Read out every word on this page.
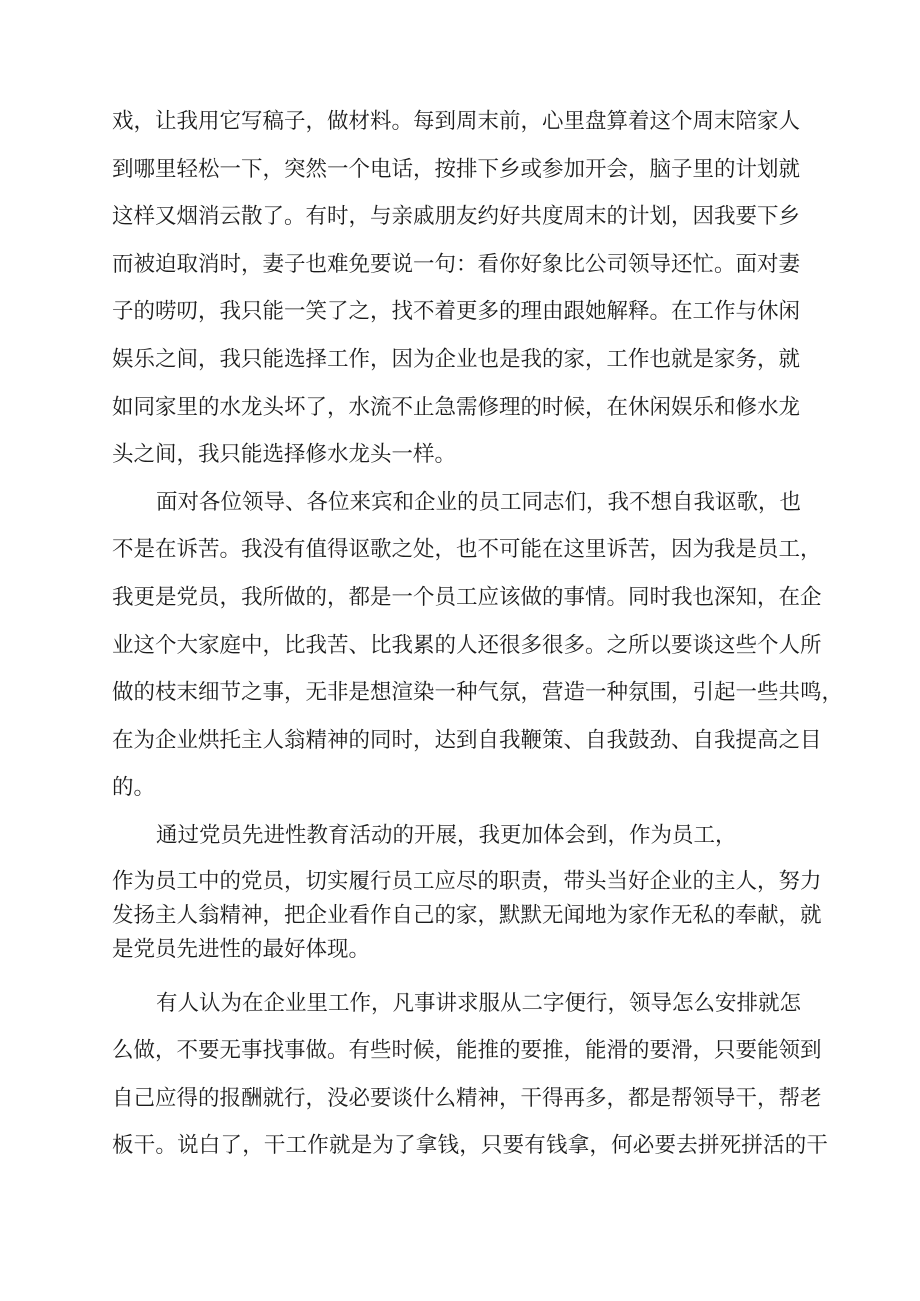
戏，让我用它写稿子，做材料。每到周末前，心里盘算着这个周末陪家人
到哪里轻松一下，突然一个电话，按排下乡或参加开会，脑子里的计划就
这样又烟消云散了。有时，与亲戚朋友约好共度周末的计划，因我要下乡
而被迫取消时，妻子也难免要说一句：看你好象比公司领导还忙。面对妻
子的唠叨，我只能一笑了之，找不着更多的理由跟她解释。在工作与休闲
娱乐之间，我只能选择工作，因为企业也是我的家，工作也就是家务，就
如同家里的水龙头坏了，水流不止急需修理的时候，在休闲娱乐和修水龙
头之间，我只能选择修水龙头一样。
面对各位领导、各位来宾和企业的员工同志们，我不想自我讴歌，也
不是在诉苦。我没有值得讴歌之处，也不可能在这里诉苦，因为我是员工，
我更是党员，我所做的，都是一个员工应该做的事情。同时我也深知，在企
业这个大家庭中，比我苦、比我累的人还很多很多。之所以要谈这些个人所
做的枝末细节之事，无非是想渲染一种气氛，营造一种氛围，引起一些共鸣，
在为企业烘托主人翁精神的同时，达到自我鞭策、自我鼓劲、自我提高之目
的。
通过党员先进性教育活动的开展，我更加体会到，作为员工，
作为员工中的党员，切实履行员工应尽的职责，带头当好企业的主人，努力
发扬主人翁精神，把企业看作自己的家，默默无闻地为家作无私的奉献，就
是党员先进性的最好体现。
有人认为在企业里工作，凡事讲求服从二字便行，领导怎么安排就怎
么做，不要无事找事做。有些时候，能推的要推，能滑的要滑，只要能领到
自己应得的报酬就行，没必要谈什么精神，干得再多，都是帮领导干，帮老
板干。说白了，干工作就是为了拿钱，只要有钱拿，何必要去拼死拼活的干
